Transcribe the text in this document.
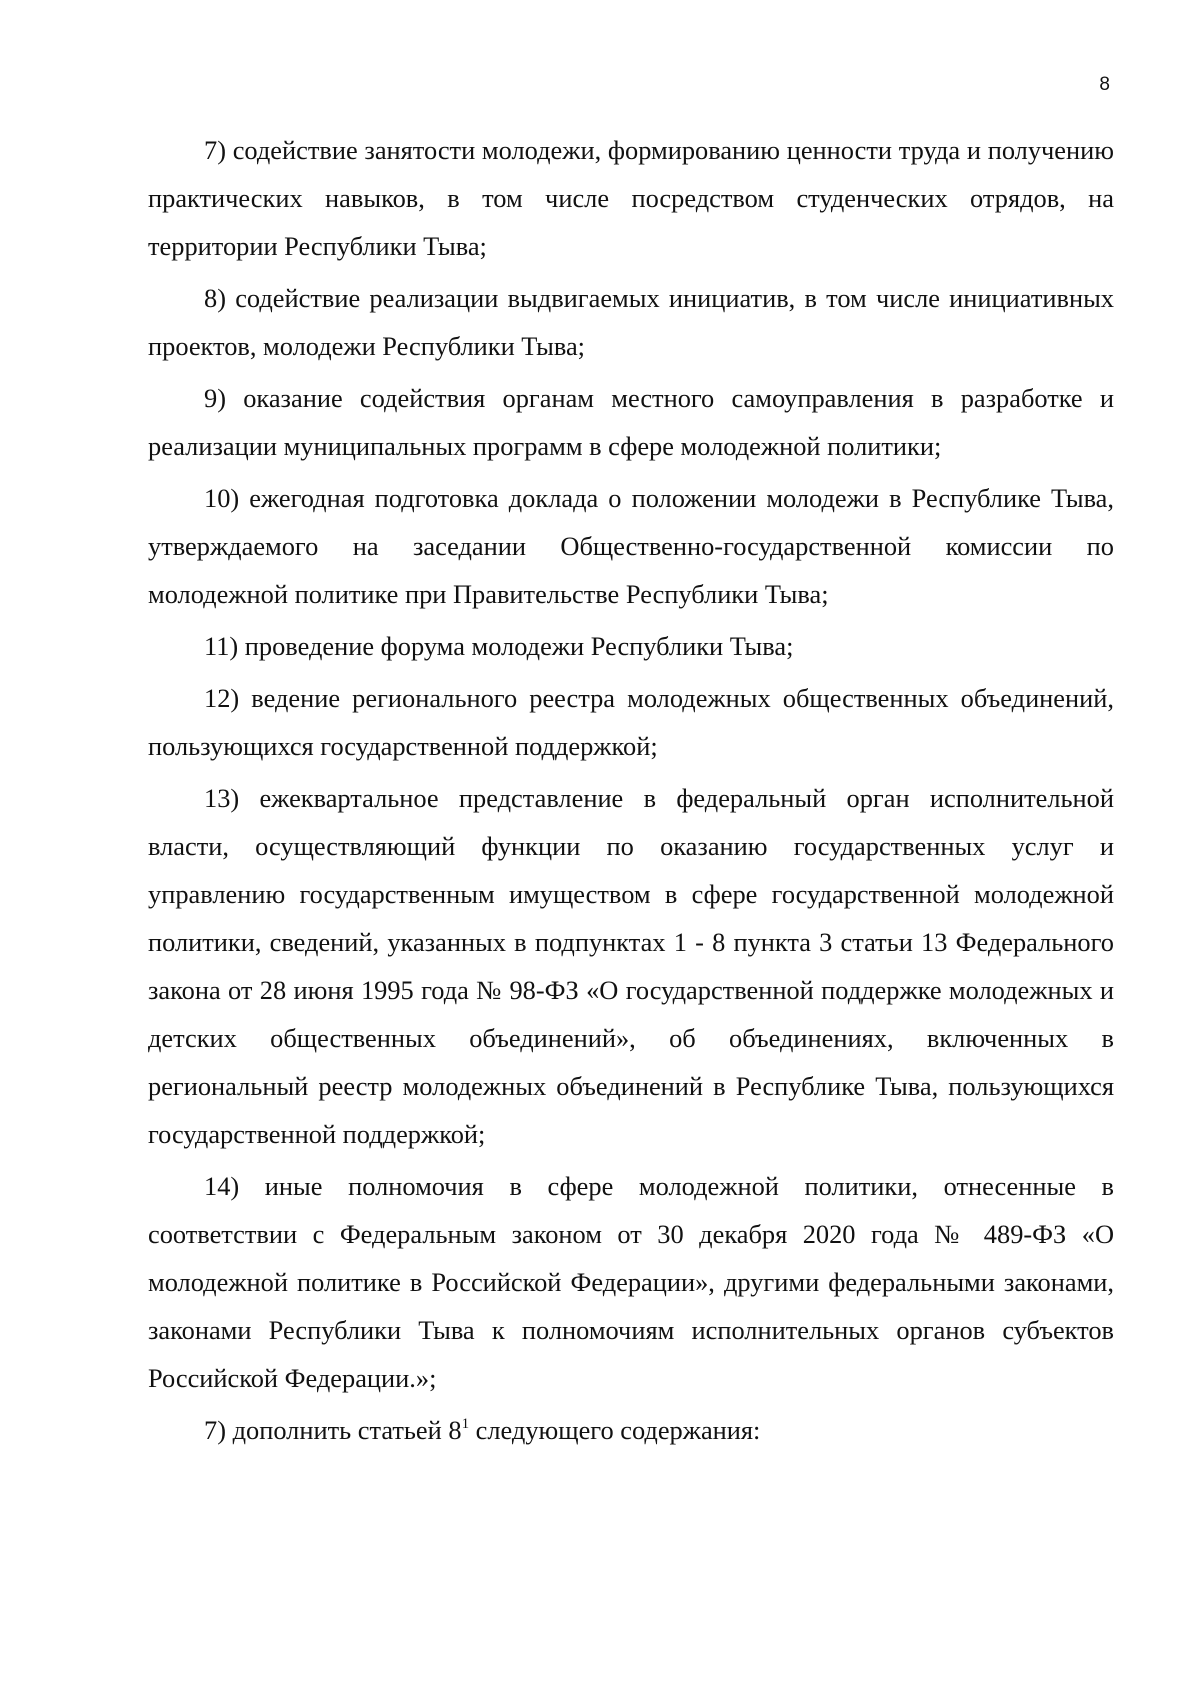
8

7) содействие занятости молодежи, формированию ценности труда и получению практических навыков, в том числе посредством студенческих отрядов, на территории Республики Тыва;

8) содействие реализации выдвигаемых инициатив, в том числе инициативных проектов, молодежи Республики Тыва;

9) оказание содействия органам местного самоуправления в разработке и реализации муниципальных программ в сфере молодежной политики;

10) ежегодная подготовка доклада о положении молодежи в Республике Тыва, утверждаемого на заседании Общественно-государственной комиссии по молодежной политике при Правительстве Республики Тыва;

11) проведение форума молодежи Республики Тыва;

12) ведение регионального реестра молодежных общественных объединений, пользующихся государственной поддержкой;

13) ежеквартальное представление в федеральный орган исполнительной власти, осуществляющий функции по оказанию государственных услуг и управлению государственным имуществом в сфере государственной молодежной политики, сведений, указанных в подпунктах 1 - 8 пункта 3 статьи 13 Федерального закона от 28 июня 1995 года № 98-ФЗ «О государственной поддержке молодежных и детских общественных объединений», об объединениях, включенных в региональный реестр молодежных объединений в Республике Тыва, пользующихся государственной поддержкой;

14) иные полномочия в сфере молодежной политики, отнесенные в соответствии с Федеральным законом от 30 декабря 2020 года № 489-ФЗ «О молодежной политике в Российской Федерации», другими федеральными законами, законами Республики Тыва к полномочиям исполнительных органов субъектов Российской Федерации.»;

7) дополнить статьей $8^1$ следующего содержания:
